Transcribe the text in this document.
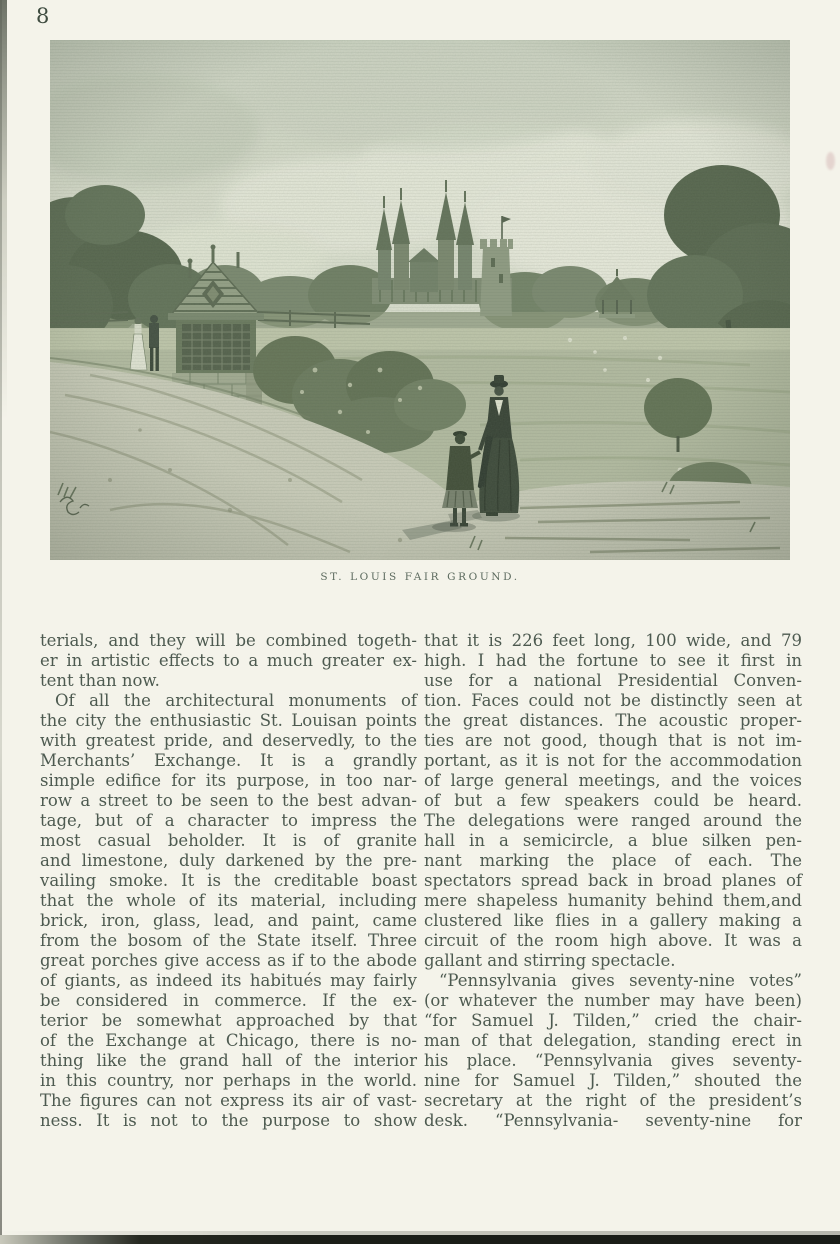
8
ST. LOUIS FAIR GROUND.
terials, and they will be combined togeth-
er in artistic effects to a much greater ex-
tent than now.
Of all the architectural monuments of
the city the enthusiastic St. Louisan points
with greatest pride, and deservedly, to the
Merchants’ Exchange. It is a grandly
simple edifice for its purpose, in too nar-
row a street to be seen to the best advan-
tage, but of a character to impress the
most casual beholder. It is of granite
and limestone, duly darkened by the pre-
vailing smoke. It is the creditable boast
that the whole of its material, including
brick, iron, glass, lead, and paint, came
from the bosom of the State itself. Three
great porches give access as if to the abode
of giants, as indeed its habitués may fairly
be considered in commerce. If the ex-
terior be somewhat approached by that
of the Exchange at Chicago, there is no-
thing like the grand hall of the interior
in this country, nor perhaps in the world.
The figures can not express its air of vast-
ness. It is not to the purpose to show
that it is 226 feet long, 100 wide, and 79
high. I had the fortune to see it first in
use for a national Presidential Conven-
tion. Faces could not be distinctly seen at
the great distances. The acoustic proper-
ties are not good, though that is not im-
portant, as it is not for the accommodation
of large general meetings, and the voices
of but a few speakers could be heard.
The delegations were ranged around the
hall in a semicircle, a blue silken pen-
nant marking the place of each. The
spectators spread back in broad planes of
mere shapeless humanity behind them,and
clustered like flies in a gallery making a
circuit of the room high above. It was a
gallant and stirring spectacle.
“Pennsylvania gives seventy-nine votes”
(or whatever the number may have been)
“for Samuel J. Tilden,” cried the chair-
man of that delegation, standing erect in
his place. “Pennsylvania gives seventy-
nine for Samuel J. Tilden,” shouted the
secretary at the right of the president’s
desk. “Pennsylvania- seventy-nine for
